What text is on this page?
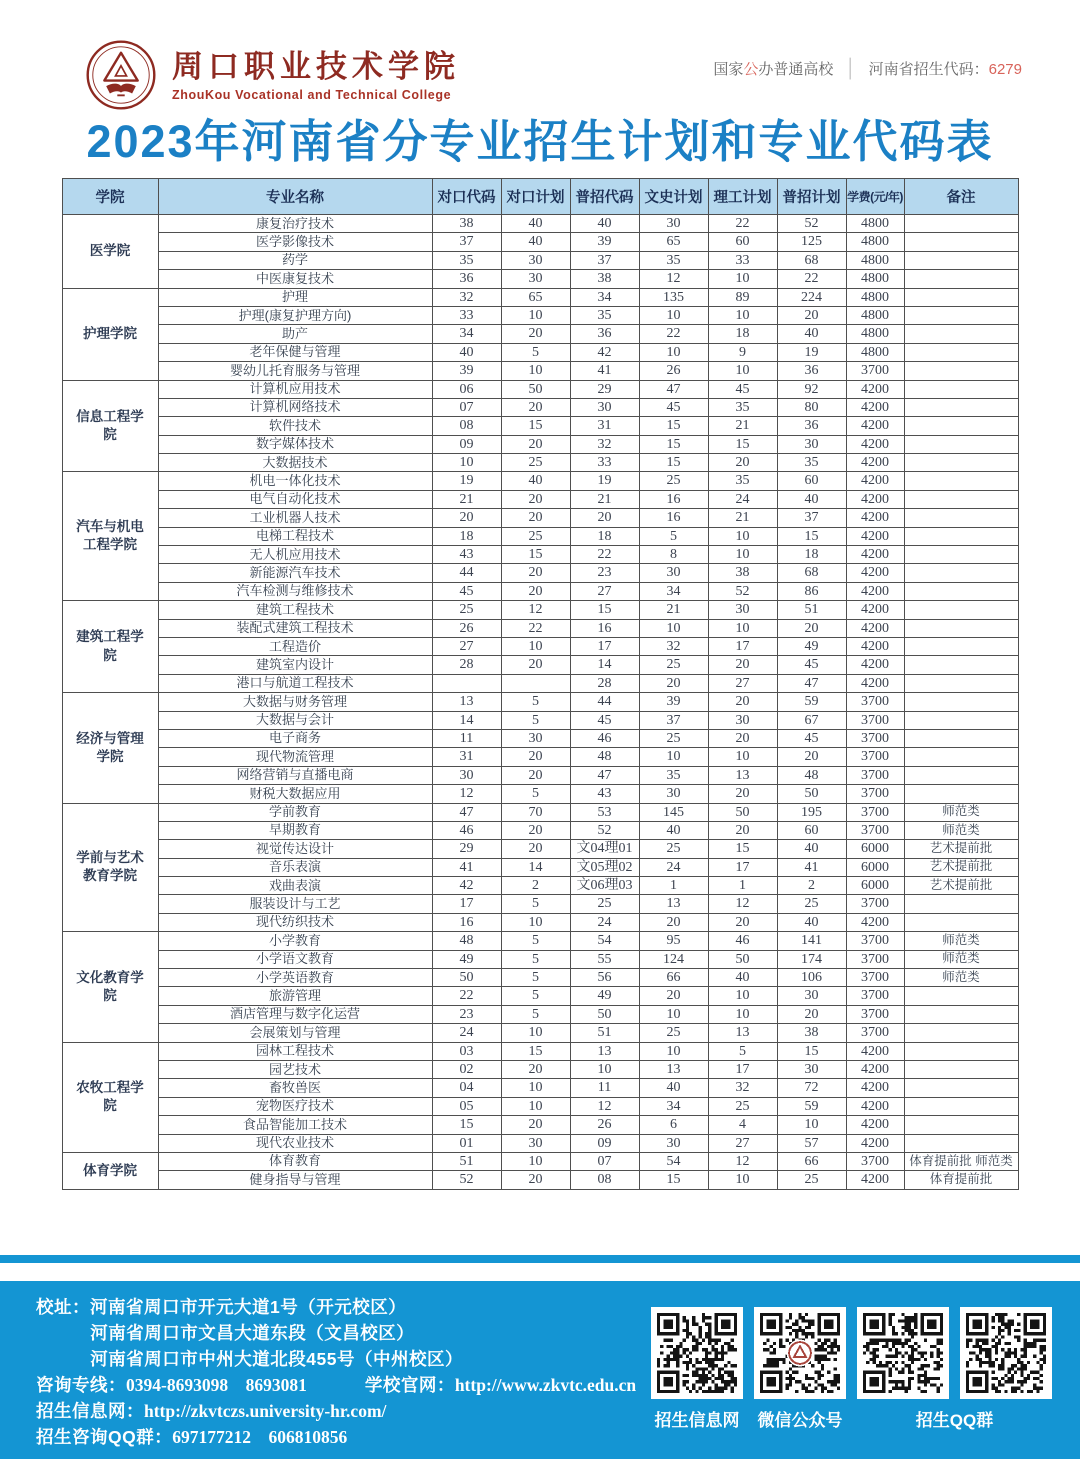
周口职业技术学院
ZhouKou Vocational and Technical College
国家公办普通高校 │ 河南省招生代码：6279
2023年河南省分专业招生计划和专业代码表
学院	专业名称	对口代码	对口计划	普招代码	文史计划	理工计划	普招计划	学费(元/年)	备注
医学院	康复治疗技术	38	40	40	30	22	52	4800	
	医学影像技术	37	40	39	65	60	125	4800	
	药学	35	30	37	35	33	68	4800	
	中医康复技术	36	30	38	12	10	22	4800	
护理学院	护理	32	65	34	135	89	224	4800	
	护理(康复护理方向)	33	10	35	10	10	20	4800	
	助产	34	20	36	22	18	40	4800	
	老年保健与管理	40	5	42	10	9	19	4800	
	婴幼儿托育服务与管理	39	10	41	26	10	36	3700	
信息工程学院	计算机应用技术	06	50	29	47	45	92	4200	
	计算机网络技术	07	20	30	45	35	80	4200	
	软件技术	08	15	31	15	21	36	4200	
	数字媒体技术	09	20	32	15	15	30	4200	
	大数据技术	10	25	33	15	20	35	4200	
汽车与机电工程学院	机电一体化技术	19	40	19	25	35	60	4200	
	电气自动化技术	21	20	21	16	24	40	4200	
	工业机器人技术	20	20	20	16	21	37	4200	
	电梯工程技术	18	25	18	5	10	15	4200	
	无人机应用技术	43	15	22	8	10	18	4200	
	新能源汽车技术	44	20	23	30	38	68	4200	
	汽车检测与维修技术	45	20	27	34	52	86	4200	
建筑工程学院	建筑工程技术	25	12	15	21	30	51	4200	
	装配式建筑工程技术	26	22	16	10	10	20	4200	
	工程造价	27	10	17	32	17	49	4200	
	建筑室内设计	28	20	14	25	20	45	4200	
	港口与航道工程技术			28	20	27	47	4200	
经济与管理学院	大数据与财务管理	13	5	44	39	20	59	3700	
	大数据与会计	14	5	45	37	30	67	3700	
	电子商务	11	30	46	25	20	45	3700	
	现代物流管理	31	20	48	10	10	20	3700	
	网络营销与直播电商	30	20	47	35	13	48	3700	
	财税大数据应用	12	5	43	30	20	50	3700	
学前与艺术教育学院	学前教育	47	70	53	145	50	195	3700	师范类
	早期教育	46	20	52	40	20	60	3700	师范类
	视觉传达设计	29	20	文04理01	25	15	40	6000	艺术提前批
	音乐表演	41	14	文05理02	24	17	41	6000	艺术提前批
	戏曲表演	42	2	文06理03	1	1	2	6000	艺术提前批
	服装设计与工艺	17	5	25	13	12	25	3700	
	现代纺织技术	16	10	24	20	20	40	4200	
文化教育学院	小学教育	48	5	54	95	46	141	3700	师范类
	小学语文教育	49	5	55	124	50	174	3700	师范类
	小学英语教育	50	5	56	66	40	106	3700	师范类
	旅游管理	22	5	49	20	10	30	3700	
	酒店管理与数字化运营	23	5	50	10	10	20	3700	
	会展策划与管理	24	10	51	25	13	38	3700	
农牧工程学院	园林工程技术	03	15	13	10	5	15	4200	
	园艺技术	02	20	10	13	17	30	4200	
	畜牧兽医	04	10	11	40	32	72	4200	
	宠物医疗技术	05	10	12	34	25	59	4200	
	食品智能加工技术	15	20	26	6	4	10	4200	
	现代农业技术	01	30	09	30	27	57	4200	
体育学院	体育教育	51	10	07	54	12	66	3700	体育提前批 师范类
	健身指导与管理	52	20	08	15	10	25	4200	体育提前批
校址：河南省周口市开元大道1号（开元校区）
河南省周口市文昌大道东段（文昌校区）
河南省周口市中州大道北段455号（中州校区）
咨询专线：0394-8693098　8693081	学校官网：http://www.zkvtc.edu.cn
招生信息网：http://zkvtczs.university-hr.com/
招生咨询QQ群：697177212　606810856
招生信息网 微信公众号	招生QQ群
